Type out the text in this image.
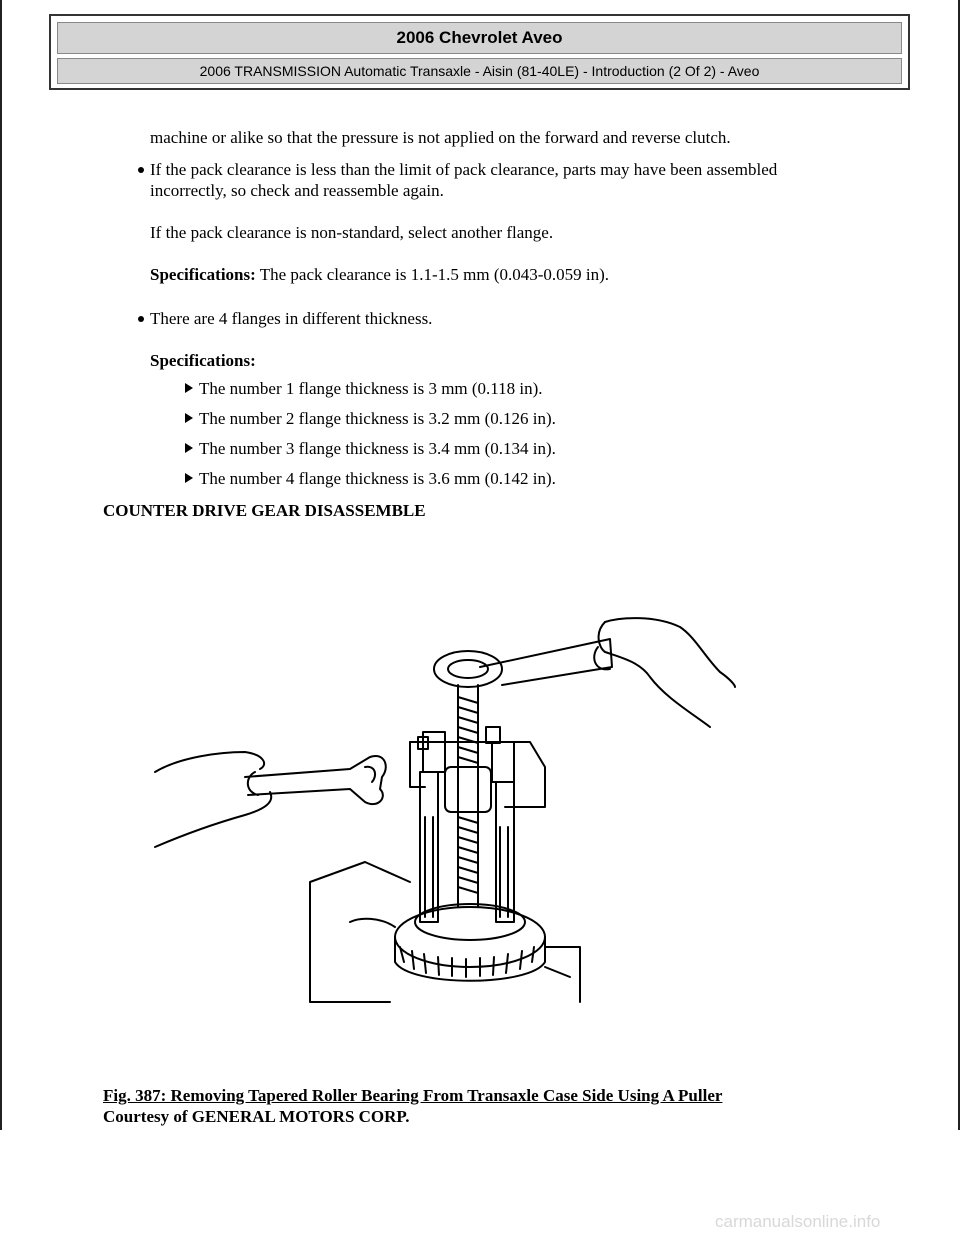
2006 Chevrolet Aveo
2006 TRANSMISSION Automatic Transaxle - Aisin (81-40LE) - Introduction (2 Of 2) - Aveo
machine or alike so that the pressure is not applied on the forward and reverse clutch.
If the pack clearance is less than the limit of pack clearance, parts may have been assembled
incorrectly, so check and reassemble again.
If the pack clearance is non-standard, select another flange.
Specifications: The pack clearance is 1.1-1.5 mm (0.043-0.059 in).
There are 4 flanges in different thickness.
Specifications:
The number 1 flange thickness is 3 mm (0.118 in).
The number 2 flange thickness is 3.2 mm (0.126 in).
The number 3 flange thickness is 3.4 mm (0.134 in).
The number 4 flange thickness is 3.6 mm (0.142 in).
COUNTER DRIVE GEAR DISASSEMBLE
Fig. 387: Removing Tapered Roller Bearing From Transaxle Case Side Using A Puller
Courtesy of GENERAL MOTORS CORP.
carmanualsonline.info
